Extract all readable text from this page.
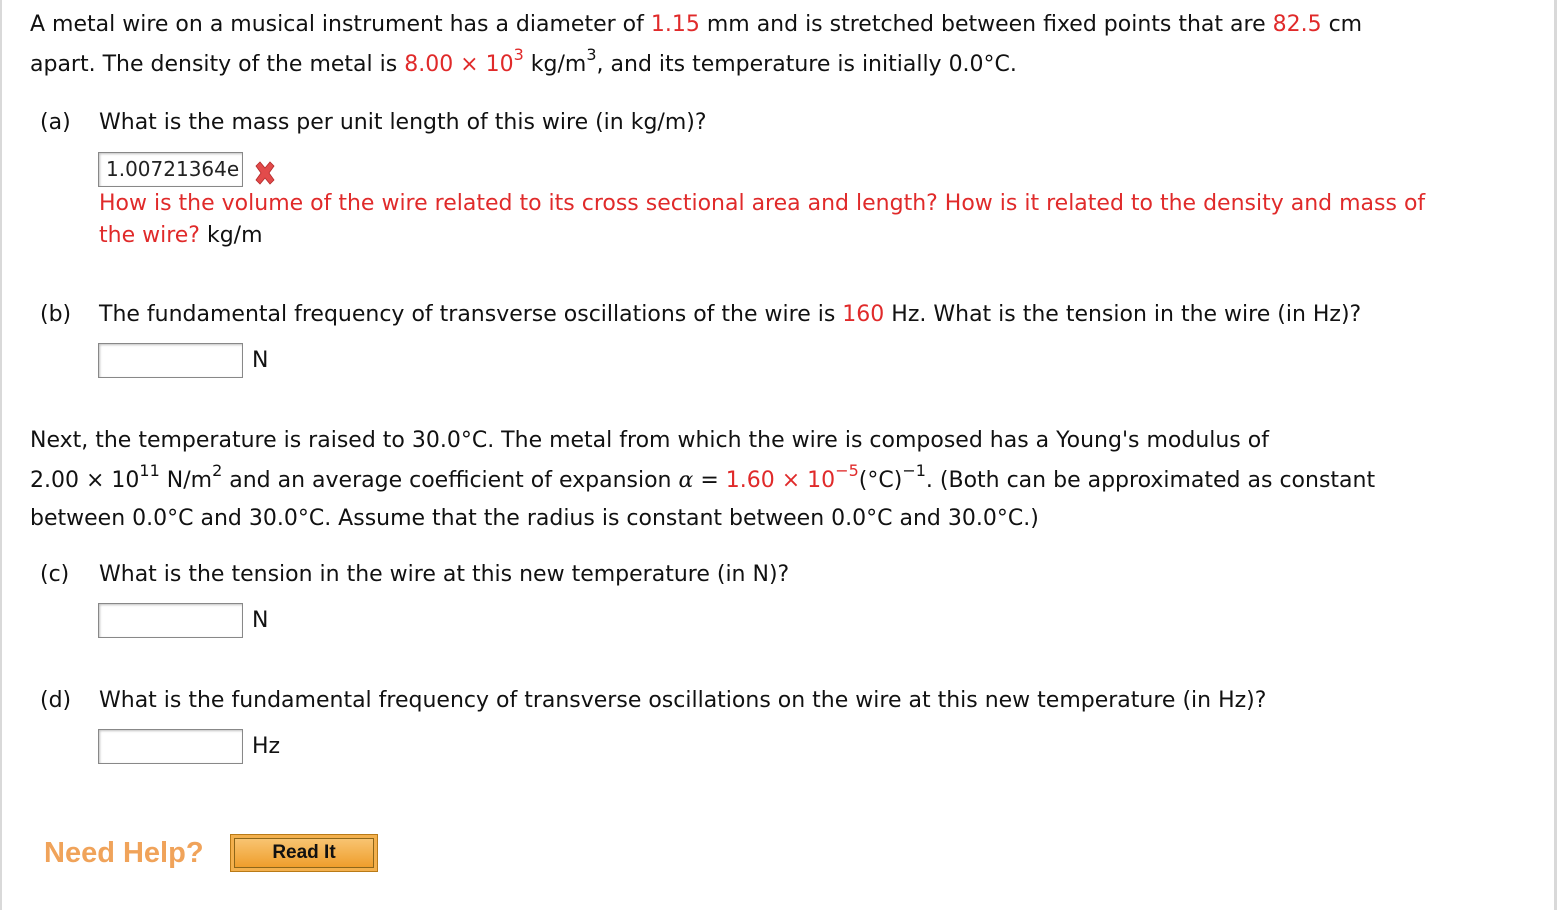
A metal wire on a musical instrument has a diameter of 1.15 mm and is stretched between fixed points that are 82.5 cm
apart. The density of the metal is $8.00 \times 10^3$ $kg/m^3$, and its temperature is initially 0.0°C.
(a) What is the mass per unit length of this wire (in kg/m)?
1.00721364e
How is the volume of the wire related to its cross sectional area and length? How is it related to the density and mass of
the wire? kg/m
(b) The fundamental frequency of transverse oscillations of the wire is 160 Hz. What is the tension in the wire (in Hz)?
N
Next, the temperature is raised to 30.0°C. The metal from which the wire is composed has a Young's modulus of
$2.00 \times 10^{11}$ $N/m^2$ and an average coefficient of expansion $\alpha = 1.60 \times 10^{-5}(^\circ C)^{-1}$. (Both can be approximated as constant
between 0.0°C and 30.0°C. Assume that the radius is constant between 0.0°C and 30.0°C.)
(c) What is the tension in the wire at this new temperature (in N)?
N
(d) What is the fundamental frequency of transverse oscillations on the wire at this new temperature (in Hz)?
Hz
Need Help?	Read It
